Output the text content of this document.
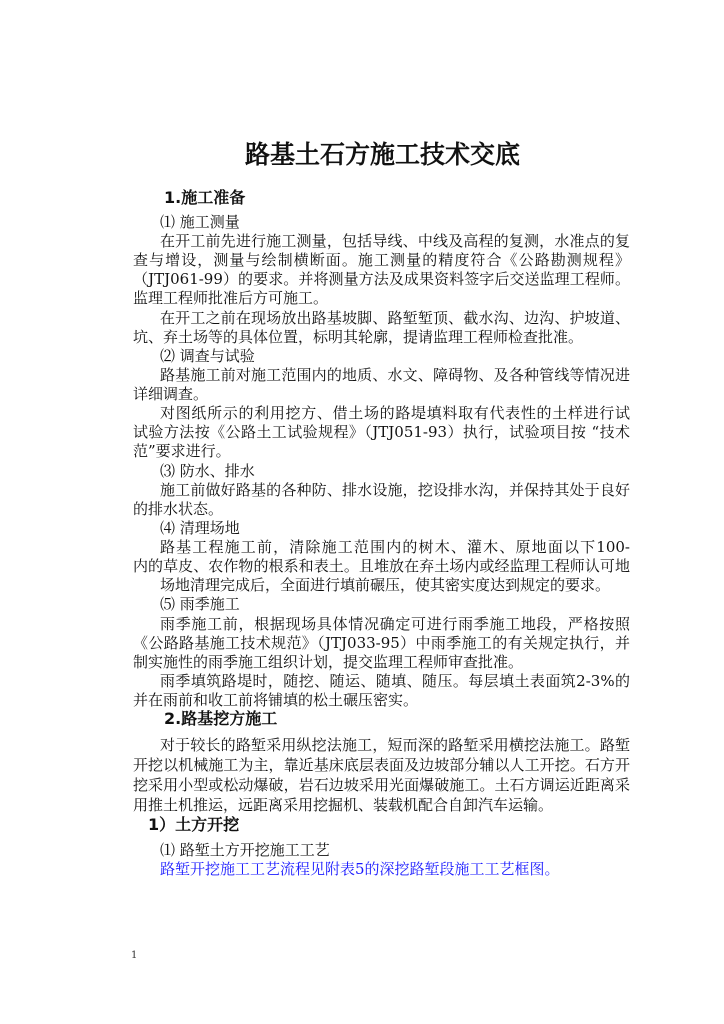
路基土石方施工技术交底
1.施工准备
⑴ 施工测量
在开工前先进行施工测量，包括导线、中线及高程的复测，水准点的复
查与增设，测量与绘制横断面。施工测量的精度符合《公路勘测规程》
（JTJ061-99）的要求。并将测量方法及成果资料签字后交送监理工程师。
监理工程师批准后方可施工。
在开工之前在现场放出路基坡脚、路堑堑顶、截水沟、边沟、护坡道、
坑、弃土场等的具体位置，标明其轮廓，提请监理工程师检查批准。
⑵ 调查与试验
路基施工前对施工范围内的地质、水文、障碍物、及各种管线等情况进
详细调查。
对图纸所示的利用挖方、借土场的路堤填料取有代表性的土样进行试
试验方法按《公路土工试验规程》（JTJ051-93）执行，试验项目按 “技术
范”要求进行。
⑶ 防水、排水
施工前做好路基的各种防、排水设施，挖设排水沟，并保持其处于良好
的排水状态。
⑷ 清理场地
路基工程施工前，清除施工范围内的树木、灌木、原地面以下100-
内的草皮、农作物的根系和表土。且堆放在弃土场内或经监理工程师认可地
场地清理完成后，全面进行填前碾压，使其密实度达到规定的要求。
⑸ 雨季施工
雨季施工前，根据现场具体情况确定可进行雨季施工地段，严格按照
《公路路基施工技术规范》（JTJ033-95）中雨季施工的有关规定执行，并
制实施性的雨季施工组织计划，提交监理工程师审查批准。
雨季填筑路堤时，随挖、随运、随填、随压。每层填土表面筑2-3%的
并在雨前和收工前将铺填的松土碾压密实。
2.路基挖方施工
对于较长的路堑采用纵挖法施工，短而深的路堑采用横挖法施工。路堑
开挖以机械施工为主，靠近基床底层表面及边坡部分辅以人工开挖。石方开
挖采用小型或松动爆破，岩石边坡采用光面爆破施工。土石方调运近距离采
用推土机推运，远距离采用挖掘机、装载机配合自卸汽车运输。
1）土方开挖
⑴ 路堑土方开挖施工工艺
路堑开挖施工工艺流程见附表5的深挖路堑段施工工艺框图。
1
